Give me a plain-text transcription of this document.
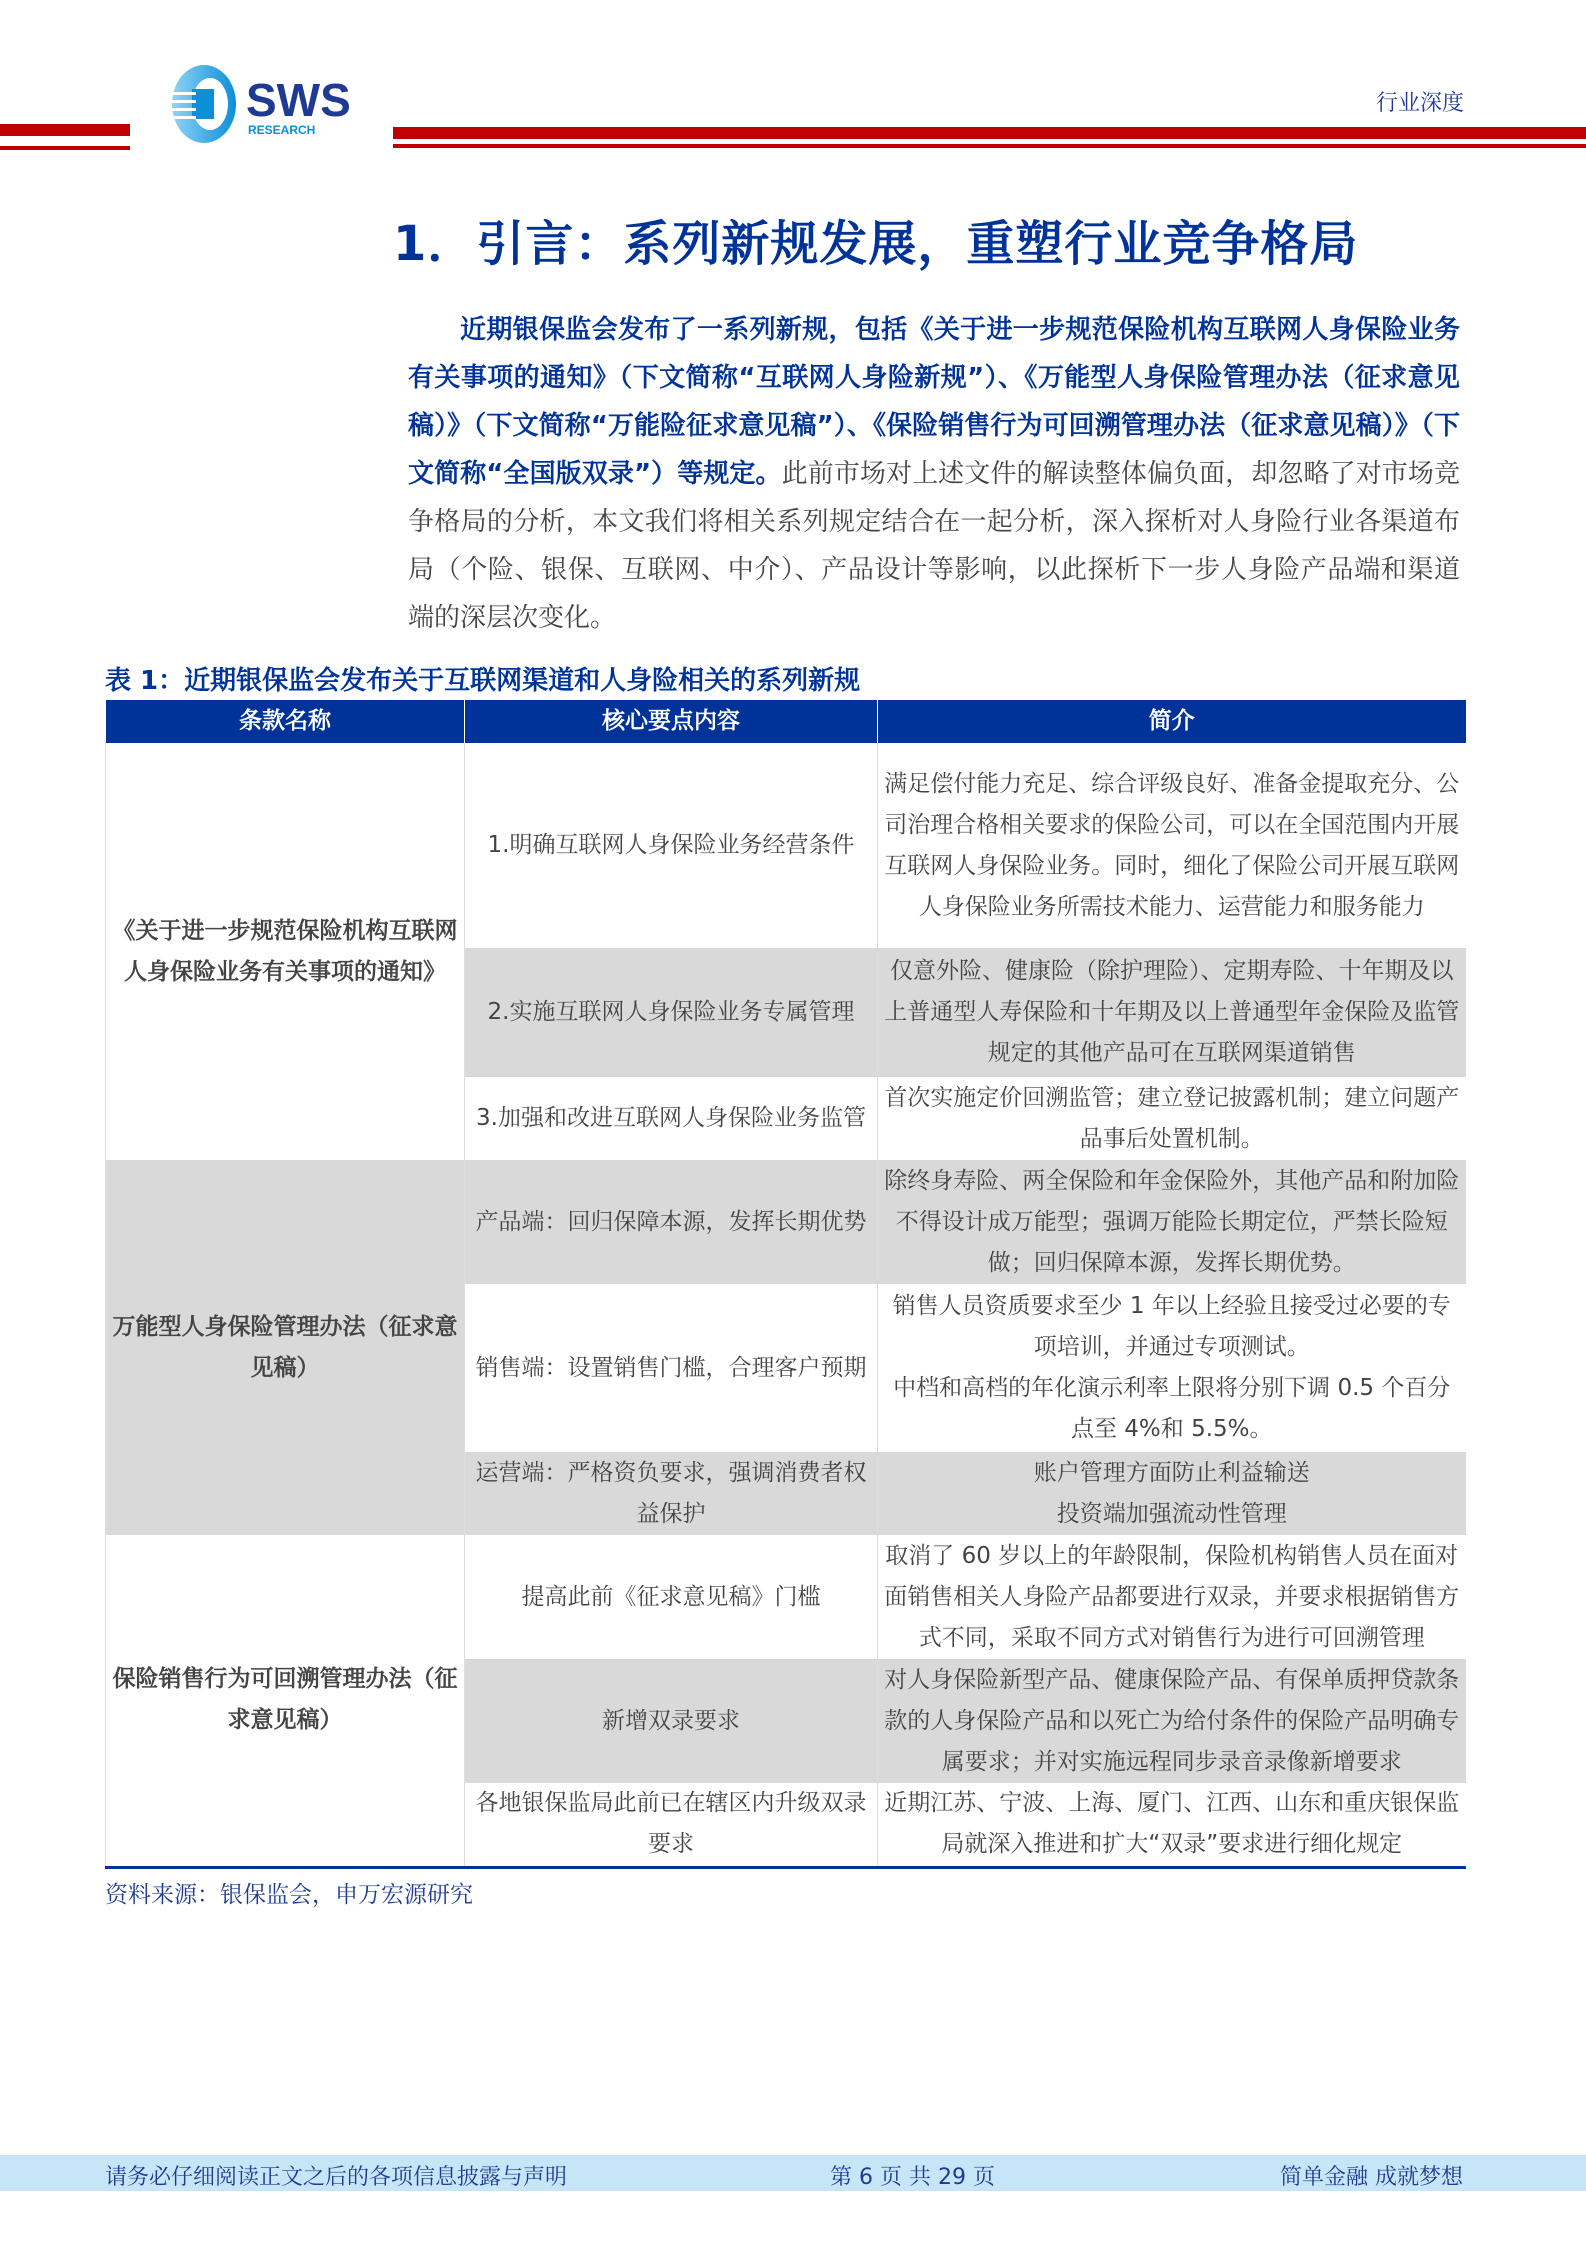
SWS
RESEARCH
行业深度
1．引言：系列新规发展，重塑行业竞争格局
近期银保监会发布了一系列新规，包括《关于进一步规范保险机构互联网人身保险业务有关事项的通知》（下文简称“互联网人身险新规”）、《万能型人身保险管理办法（征求意见稿）》（下文简称“万能险征求意见稿”）、《保险销售行为可回溯管理办法（征求意见稿）》（下文简称“全国版双录”）等规定。此前市场对上述文件的解读整体偏负面，却忽略了对市场竞争格局的分析，本文我们将相关系列规定结合在一起分析，深入探析对人身险行业各渠道布局（个险、银保、互联网、中介）、产品设计等影响，以此探析下一步人身险产品端和渠道端的深层次变化。
表 1：近期银保监会发布关于互联网渠道和人身险相关的系列新规
条款名称	核心要点内容	简介
《关于进一步规范保险机构互联网人身保险业务有关事项的通知》	1.明确互联网人身保险业务经营条件	满足偿付能力充足、综合评级良好、准备金提取充分、公司治理合格相关要求的保险公司，可以在全国范围内开展互联网人身保险业务。同时，细化了保险公司开展互联网人身保险业务所需技术能力、运营能力和服务能力
	2.实施互联网人身保险业务专属管理	仅意外险、健康险（除护理险）、定期寿险、十年期及以上普通型人寿保险和十年期及以上普通型年金保险及监管规定的其他产品可在互联网渠道销售
	3.加强和改进互联网人身保险业务监管	首次实施定价回溯监管；建立登记披露机制；建立问题产品事后处置机制。
万能型人身保险管理办法（征求意见稿）	产品端：回归保障本源，发挥长期优势	除终身寿险、两全保险和年金保险外，其他产品和附加险不得设计成万能型；强调万能险长期定位，严禁长险短做；回归保障本源，发挥长期优势。
	销售端：设置销售门槛，合理客户预期	销售人员资质要求至少 1 年以上经验且接受过必要的专项培训，并通过专项测试。
中档和高档的年化演示利率上限将分别下调 0.5 个百分点至 4%和 5.5%。

	运营端：严格资负要求，强调消费者权益保护	账户管理方面防止利益输送
投资端加强流动性管理

保险销售行为可回溯管理办法（征求意见稿）	提高此前《征求意见稿》门槛	取消了 60 岁以上的年龄限制，保险机构销售人员在面对面销售相关人身险产品都要进行双录，并要求根据销售方式不同，采取不同方式对销售行为进行可回溯管理
	新增双录要求	对人身保险新型产品、健康保险产品、有保单质押贷款条款的人身保险产品和以死亡为给付条件的保险产品明确专属要求；并对实施远程同步录音录像新增要求
	各地银保监局此前已在辖区内升级双录要求	近期江苏、宁波、上海、厦门、江西、山东和重庆银保监局就深入推进和扩大“双录”要求进行细化规定
资料来源：银保监会，申万宏源研究
请务必仔细阅读正文之后的各项信息披露与声明	第 6 页 共 29 页	简单金融 成就梦想
